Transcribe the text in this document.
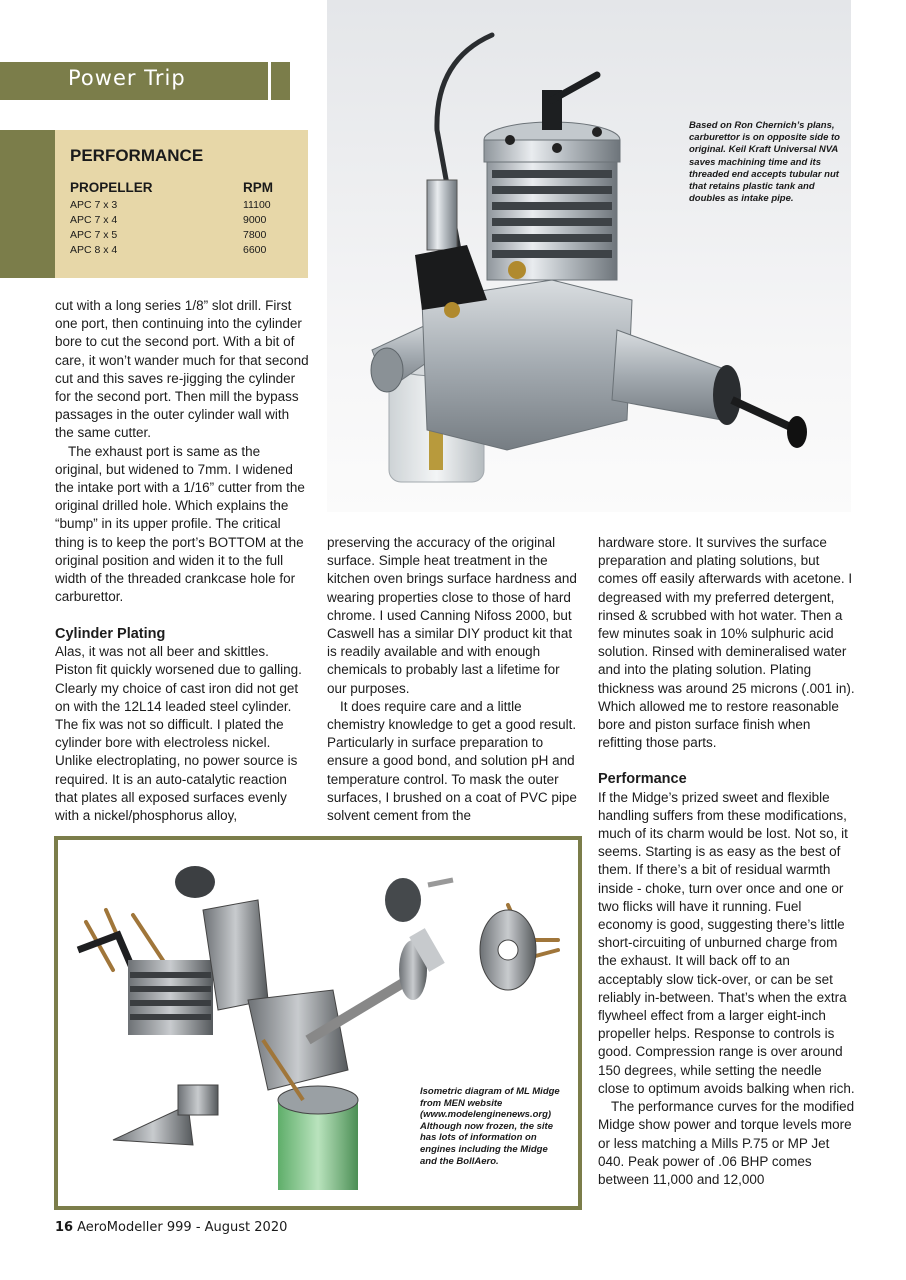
Power Trip
PERFORMANCE
PROPELLER	RPM
APC 7 x 3	11100
APC 7 x 4	9000
APC 7 x 5	7800
APC 8 x 4	6600
Based on Ron Chernich’s plans, carburettor is on opposite side to original. Keil Kraft Universal NVA saves machining time and its threaded end accepts tubular nut that retains plastic tank and doubles as intake pipe.

cut with a long series 1/8” slot drill. First one port, then continuing into the cylinder bore to cut the second port. With a bit of care, it won’t wander much for that second cut and this saves re-jigging the cylinder for the second port. Then mill the bypass passages in the outer cylinder wall with the same cutter.

The exhaust port is same as the original, but widened to 7mm. I widened the intake port with a 1/16” cutter from the original drilled hole. Which explains the “bump” in its upper profile. The critical thing is to keep the port’s BOTTOM at the original position and widen it to the full width of the threaded crankcase hole for carburettor.

Cylinder Plating

Alas, it was not all beer and skittles. Piston fit quickly worsened due to galling. Clearly my choice of cast iron did not get on with the 12L14 leaded steel cylinder. The fix was not so difficult. I plated the cylinder bore with electroless nickel. Unlike electroplating, no power source is required. It is an auto-catalytic reaction that plates all exposed surfaces evenly with a nickel/phosphorus alloy,

preserving the accuracy of the original surface. Simple heat treatment in the kitchen oven brings surface hardness and wearing properties close to those of hard chrome. I used Canning Nifoss 2000, but Caswell has a similar DIY product kit that is readily available and with enough chemicals to probably last a lifetime for our purposes.

It does require care and a little chemistry knowledge to get a good result. Particularly in surface preparation to ensure a good bond, and solution pH and temperature control. To mask the outer surfaces, I brushed on a coat of PVC pipe solvent cement from the

hardware store. It survives the surface preparation and plating solutions, but comes off easily afterwards with acetone. I degreased with my preferred detergent, rinsed & scrubbed with hot water. Then a few minutes soak in 10% sulphuric acid solution. Rinsed with demineralised water and into the plating solution. Plating thickness was around 25 microns (.001 in). Which allowed me to restore reasonable bore and piston surface finish when refitting those parts.

Performance

If the Midge’s prized sweet and flexible handling suffers from these modifications, much of its charm would be lost. Not so, it seems. Starting is as easy as the best of them. If there’s a bit of residual warmth inside - choke, turn over once and one or two flicks will have it running. Fuel economy is good, suggesting there’s little short-circuiting of unburned charge from the exhaust. It will back off to an acceptably slow tick-over, or can be set reliably in-between. That’s when the extra flywheel effect from a larger eight-inch propeller helps. Response to controls is good. Compression range is over around 150 degrees, while setting the needle close to optimum avoids balking when rich.

The performance curves for the modified Midge show power and torque levels more or less matching a Mills P.75 or MP Jet 040. Peak power of .06 BHP comes between 11,000 and 12,000

Isometric diagram of ML Midge from MEN website (www.modelenginenews.org) Although now frozen, the site has lots of information on engines including the Midge and the BollAero.
16 AeroModeller 999 - August 2020
